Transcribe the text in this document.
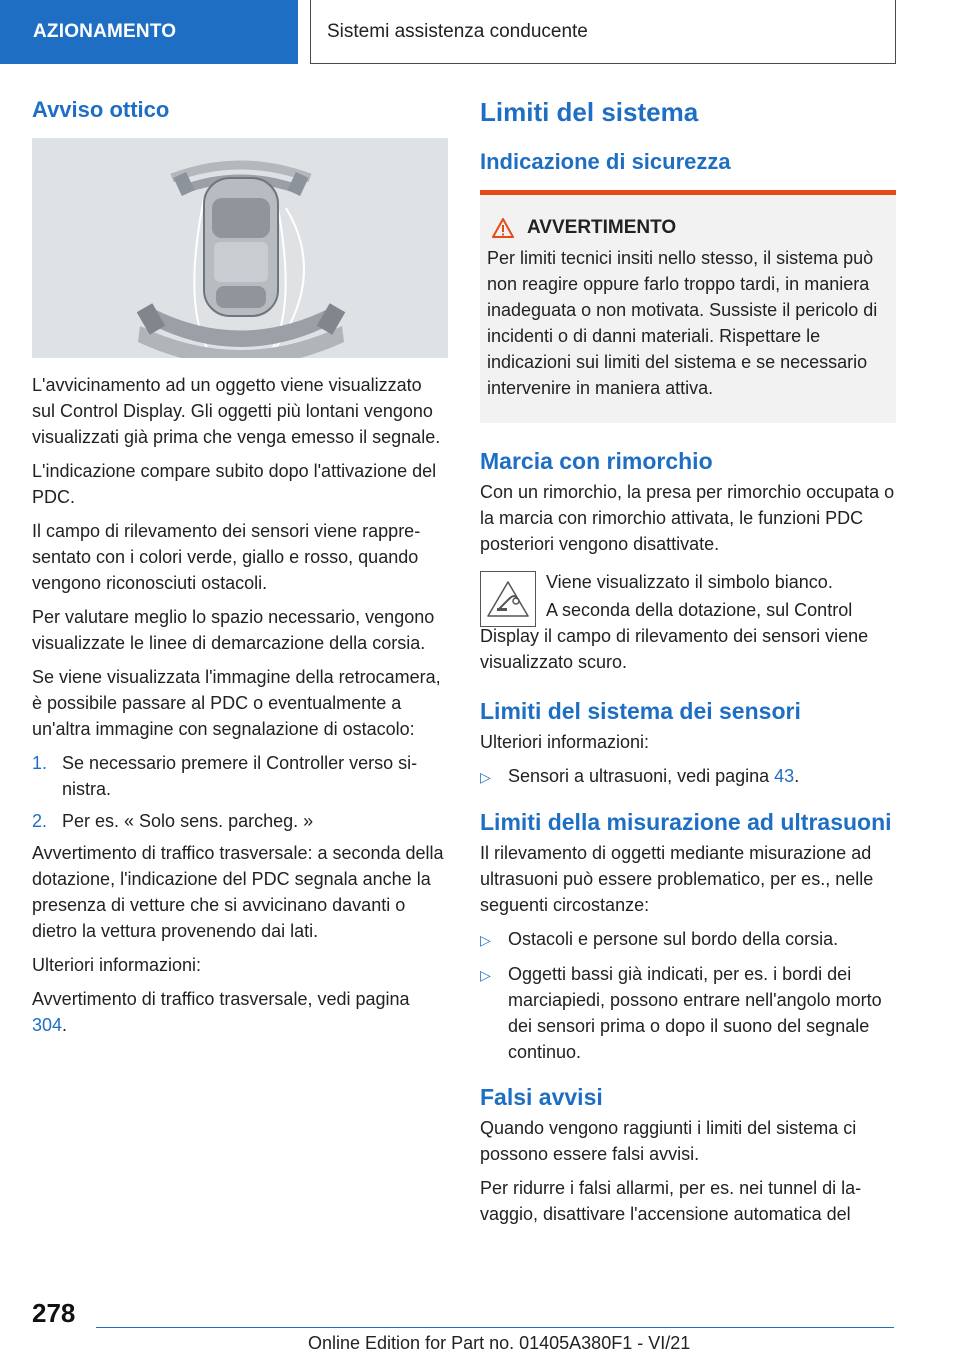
AZIONAMENTO	Sistemi assistenza conducente
Avviso ottico

L'avvicinamento ad un oggetto viene visualizzato sul Control Display. Gli oggetti più lontani vengono visualizzati già prima che venga emesso il segnale.

L'indicazione compare subito dopo l'attivazione del PDC.

Il campo di rilevamento dei sensori viene rappresentato con i colori verde, giallo e rosso, quando vengono riconosciuti ostacoli.

Per valutare meglio lo spazio necessario, vengono visualizzate le linee di demarcazione della corsia.

Se viene visualizzata l'immagine della retrocamera, è possibile passare al PDC o eventualmente a un'altra immagine con segnalazione di ostacolo:

1. Se necessario premere il Controller verso sinistra.
2. Per es. « Solo sens. parcheg. »

Avvertimento di traffico trasversale: a seconda della dotazione, l'indicazione del PDC segnala anche la presenza di vetture che si avvicinano davanti o dietro la vettura provenendo dai lati.

Ulteriori informazioni:

Avvertimento di traffico trasversale, vedi pagina 304.

Limiti del sistema
Indicazione di sicurezza
AVVERTIMENTO

Per limiti tecnici insiti nello stesso, il sistema può non reagire oppure farlo troppo tardi, in maniera inadeguata o non motivata. Sussiste il pericolo di incidenti o di danni materiali. Rispettare le indicazioni sui limiti del sistema e se necessario intervenire in maniera attiva.

Marcia con rimorchio

Con un rimorchio, la presa per rimorchio occupata o la marcia con rimorchio attivata, le funzioni PDC posteriori vengono disattivate.

Viene visualizzato il simbolo bianco.

A seconda della dotazione, sul Control Display il campo di rilevamento dei sensori viene visualizzato scuro.

Limiti del sistema dei sensori

Ulteriori informazioni:

▷ Sensori a ultrasuoni, vedi pagina 43.
Limiti della misurazione ad ultrasuoni

Il rilevamento di oggetti mediante misurazione ad ultrasuoni può essere problematico, per es., nelle seguenti circostanze:

▷ Ostacoli e persone sul bordo della corsia.
▷ Oggetti bassi già indicati, per es. i bordi dei marciapiedi, possono entrare nell'angolo morto dei sensori prima o dopo il suono del segnale continuo.
Falsi avvisi

Quando vengono raggiunti i limiti del sistema ci possono essere falsi avvisi.

Per ridurre i falsi allarmi, per es. nei tunnel di lavaggio, disattivare l'accensione automatica del

278
Online Edition for Part no. 01405A380F1 - VI/21
